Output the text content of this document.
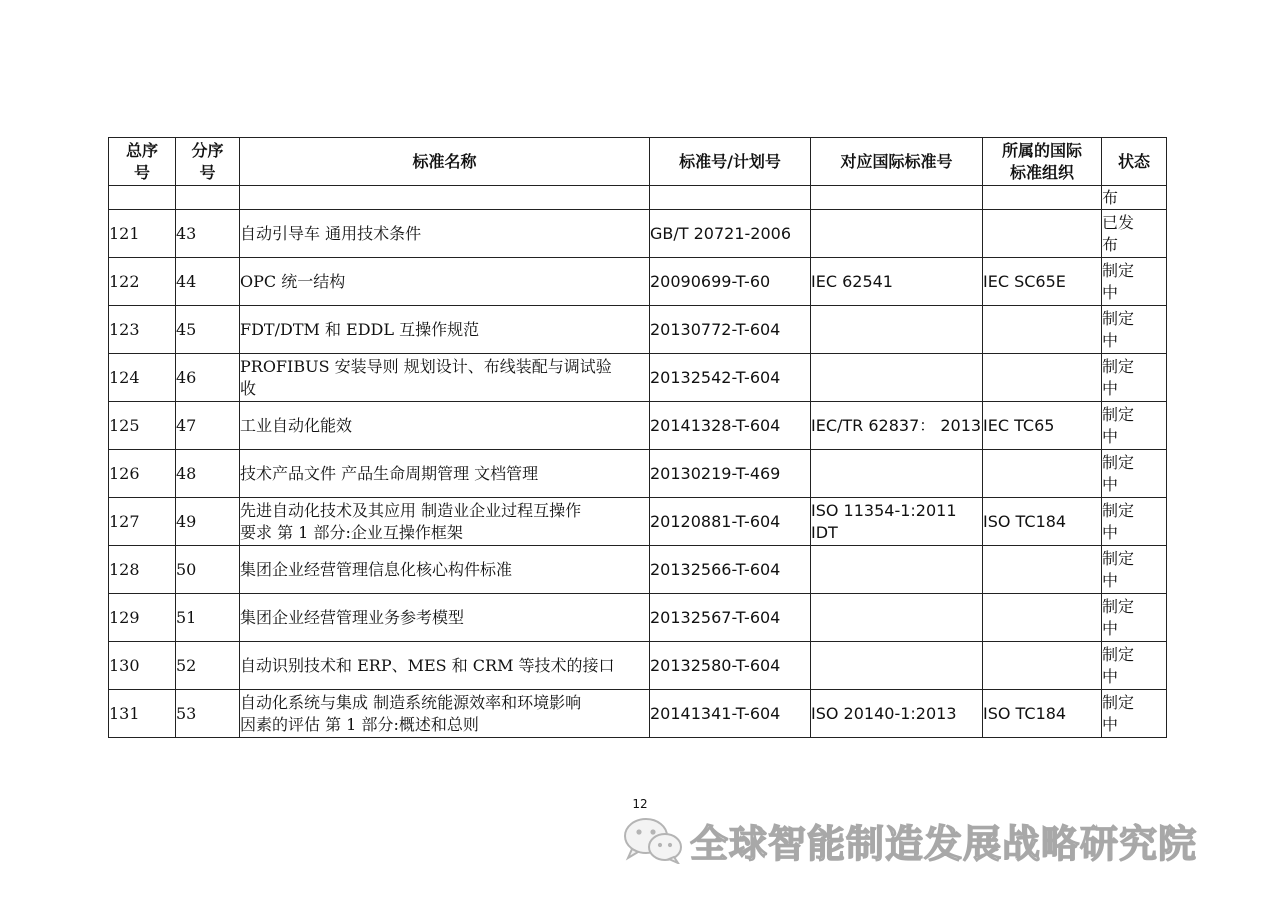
总序
号	分序
号	标准名称	标准号/计划号	对应国际标准号	所属的国际
标准组织	状态
						布
121	43	自动引导车 通用技术条件	GB/T 20721-2006			已发
布
122	44	OPC 统一结构	20090699-T-60	IEC 62541	IEC SC65E	制定
中
123	45	FDT/DTM 和 EDDL 互操作规范	20130772-T-604			制定
中
124	46	PROFIBUS 安装导则 规划设计、布线装配与调试验
收	20132542-T-604			制定
中
125	47	工业自动化能效	20141328-T-604	IEC/TR 62837： 2013	IEC TC65	制定
中
126	48	技术产品文件 产品生命周期管理 文档管理	20130219-T-469			制定
中
127	49	先进自动化技术及其应用 制造业企业过程互操作
要求 第 1 部分:企业互操作框架	20120881-T-604	ISO 11354-1:2011
IDT	ISO TC184	制定
中
128	50	集团企业经营管理信息化核心构件标准	20132566-T-604			制定
中
129	51	集团企业经营管理业务参考模型	20132567-T-604			制定
中
130	52	自动识别技术和 ERP、MES 和 CRM 等技术的接口	20132580-T-604			制定
中
131	53	自动化系统与集成 制造系统能源效率和环境影响
因素的评估 第 1 部分:概述和总则	20141341-T-604	ISO 20140-1:2013	ISO TC184	制定
中
12
全球智能制造发展战略研究院
